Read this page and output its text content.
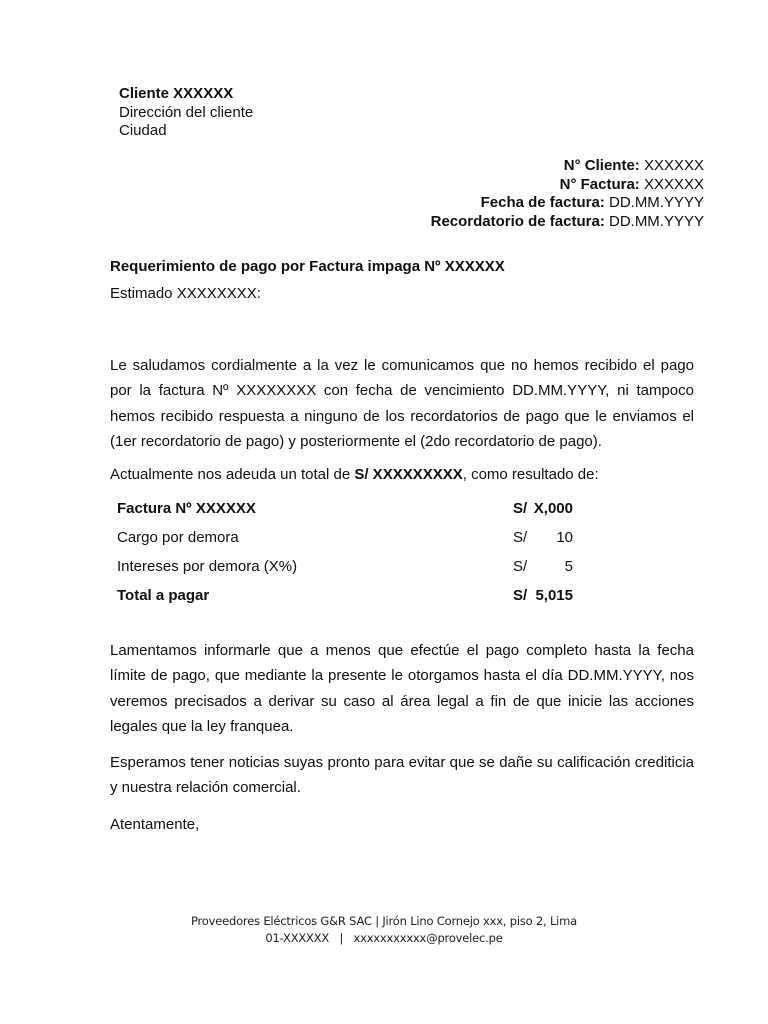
Cliente XXXXXX
Dirección del cliente
Ciudad
N° Cliente: XXXXXX
N° Factura: XXXXXX
Fecha de factura: DD.MM.YYYY
Recordatorio de factura: DD.MM.YYYY
Requerimiento de pago por Factura impaga Nº XXXXXX
Estimado XXXXXXXX:
Le saludamos cordialmente a la vez le comunicamos que no hemos recibido el pago por la factura Nº XXXXXXXX con fecha de vencimiento DD.MM.YYYY, ni tampoco hemos recibido respuesta a ninguno de los recordatorios de pago que le enviamos el (1er recordatorio de pago) y posteriormente el (2do recordatorio de pago).
Actualmente nos adeuda un total de S/ XXXXXXXXX, como resultado de:
Factura Nº XXXXXX	S/ X,000
Cargo por demora	S/ 10
Intereses por demora (X%)	S/ 5
Total a pagar	S/ 5,015
Lamentamos informarle que a menos que efectúe el pago completo hasta la fecha límite de pago, que mediante la presente le otorgamos hasta el día DD.MM.YYYY, nos veremos precisados a derivar su caso al área legal a fin de que inicie las acciones legales que la ley franquea.
Esperamos tener noticias suyas pronto para evitar que se dañe su calificación crediticia y nuestra relación comercial.
Atentamente,
Proveedores Eléctricos G&R SAC | Jirón Lino Cornejo xxx, piso 2, Lima
01-XXXXXX   |   xxxxxxxxxxx@provelec.pe
